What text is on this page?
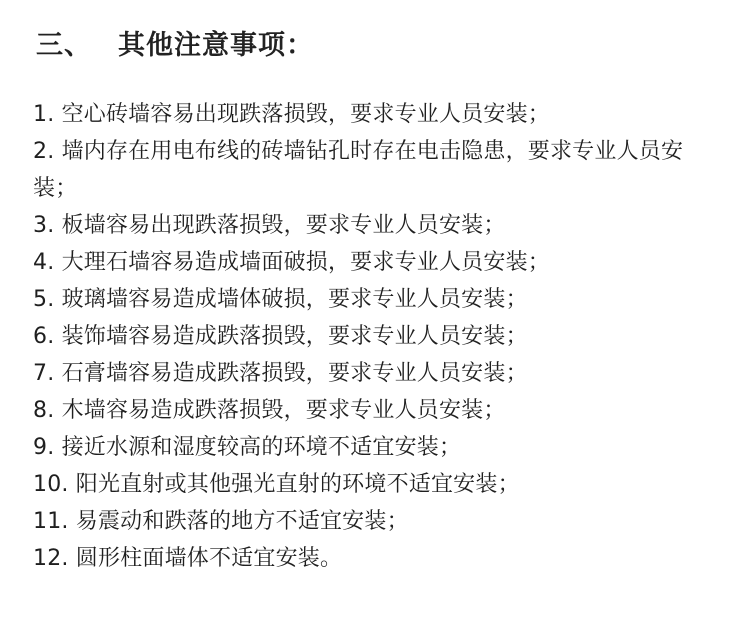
三、 其他注意事项：
1. 空心砖墙容易出现跌落损毁，要求专业人员安装；
2. 墙内存在用电布线的砖墙钻孔时存在电击隐患，要求专业人员安装；
3. 板墙容易出现跌落损毁，要求专业人员安装；
4. 大理石墙容易造成墙面破损，要求专业人员安装；
5. 玻璃墙容易造成墙体破损，要求专业人员安装；
6. 装饰墙容易造成跌落损毁，要求专业人员安装；
7. 石膏墙容易造成跌落损毁，要求专业人员安装；
8. 木墙容易造成跌落损毁，要求专业人员安装；
9. 接近水源和湿度较高的环境不适宜安装；
10. 阳光直射或其他强光直射的环境不适宜安装；
11. 易震动和跌落的地方不适宜安装；
12. 圆形柱面墙体不适宜安装。
